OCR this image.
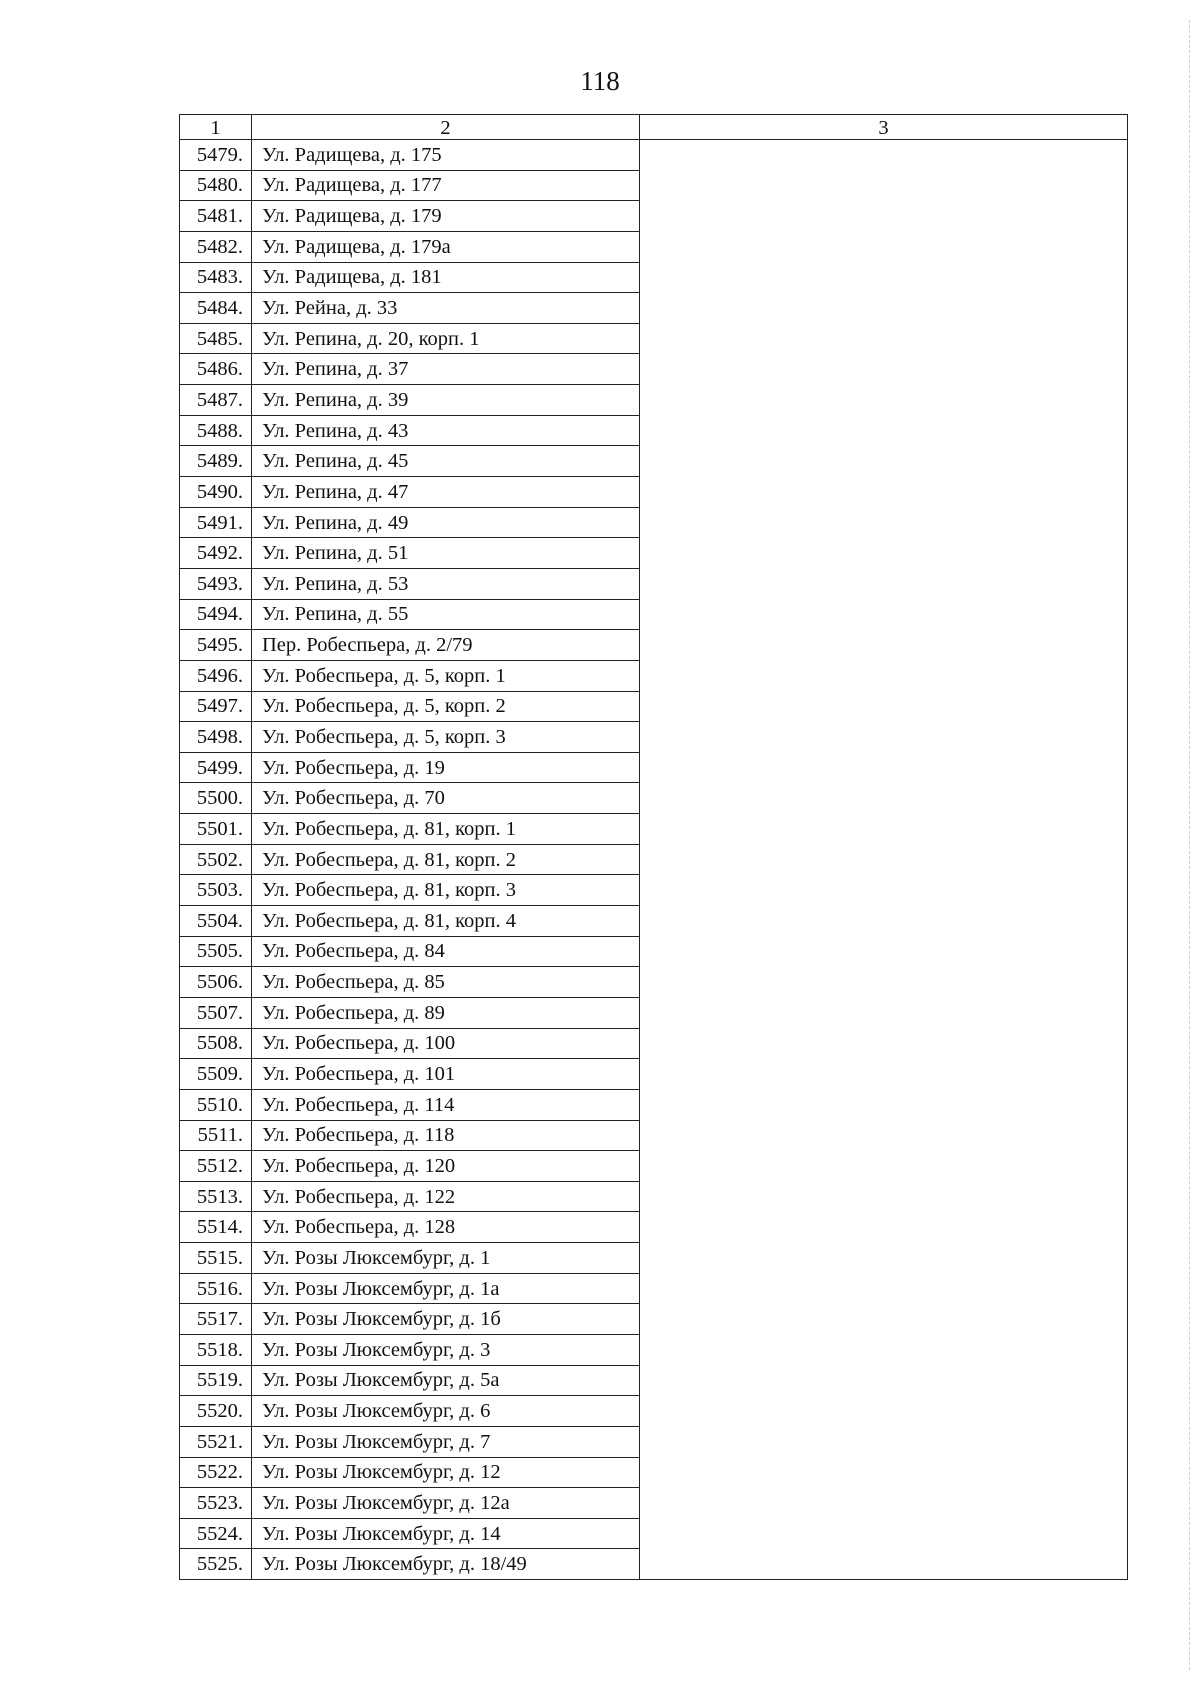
118
1	2	3
5479.	Ул. Радищева, д. 175	
5480.	Ул. Радищева, д. 177	
5481.	Ул. Радищева, д. 179	
5482.	Ул. Радищева, д. 179а	
5483.	Ул. Радищева, д. 181	
5484.	Ул. Рейна, д. 33	
5485.	Ул. Репина, д. 20, корп. 1	
5486.	Ул. Репина, д. 37	
5487.	Ул. Репина, д. 39	
5488.	Ул. Репина, д. 43	
5489.	Ул. Репина, д. 45	
5490.	Ул. Репина, д. 47	
5491.	Ул. Репина, д. 49	
5492.	Ул. Репина, д. 51	
5493.	Ул. Репина, д. 53	
5494.	Ул. Репина, д. 55	
5495.	Пер. Робеспьера, д. 2/79	
5496.	Ул. Робеспьера, д. 5, корп. 1	
5497.	Ул. Робеспьера, д. 5, корп. 2	
5498.	Ул. Робеспьера, д. 5, корп. 3	
5499.	Ул. Робеспьера, д. 19	
5500.	Ул. Робеспьера, д. 70	
5501.	Ул. Робеспьера, д. 81, корп. 1	
5502.	Ул. Робеспьера, д. 81, корп. 2	
5503.	Ул. Робеспьера, д. 81, корп. 3	
5504.	Ул. Робеспьера, д. 81, корп. 4	
5505.	Ул. Робеспьера, д. 84	
5506.	Ул. Робеспьера, д. 85	
5507.	Ул. Робеспьера, д. 89	
5508.	Ул. Робеспьера, д. 100	
5509.	Ул. Робеспьера, д. 101	
5510.	Ул. Робеспьера, д. 114	
5511.	Ул. Робеспьера, д. 118	
5512.	Ул. Робеспьера, д. 120	
5513.	Ул. Робеспьера, д. 122	
5514.	Ул. Робеспьера, д. 128	
5515.	Ул. Розы Люксембург, д. 1	
5516.	Ул. Розы Люксембург, д. 1а	
5517.	Ул. Розы Люксембург, д. 1б	
5518.	Ул. Розы Люксембург, д. 3	
5519.	Ул. Розы Люксембург, д. 5а	
5520.	Ул. Розы Люксембург, д. 6	
5521.	Ул. Розы Люксембург, д. 7	
5522.	Ул. Розы Люксембург, д. 12	
5523.	Ул. Розы Люксембург, д. 12а	
5524.	Ул. Розы Люксембург, д. 14	
5525.	Ул. Розы Люксембург, д. 18/49	
